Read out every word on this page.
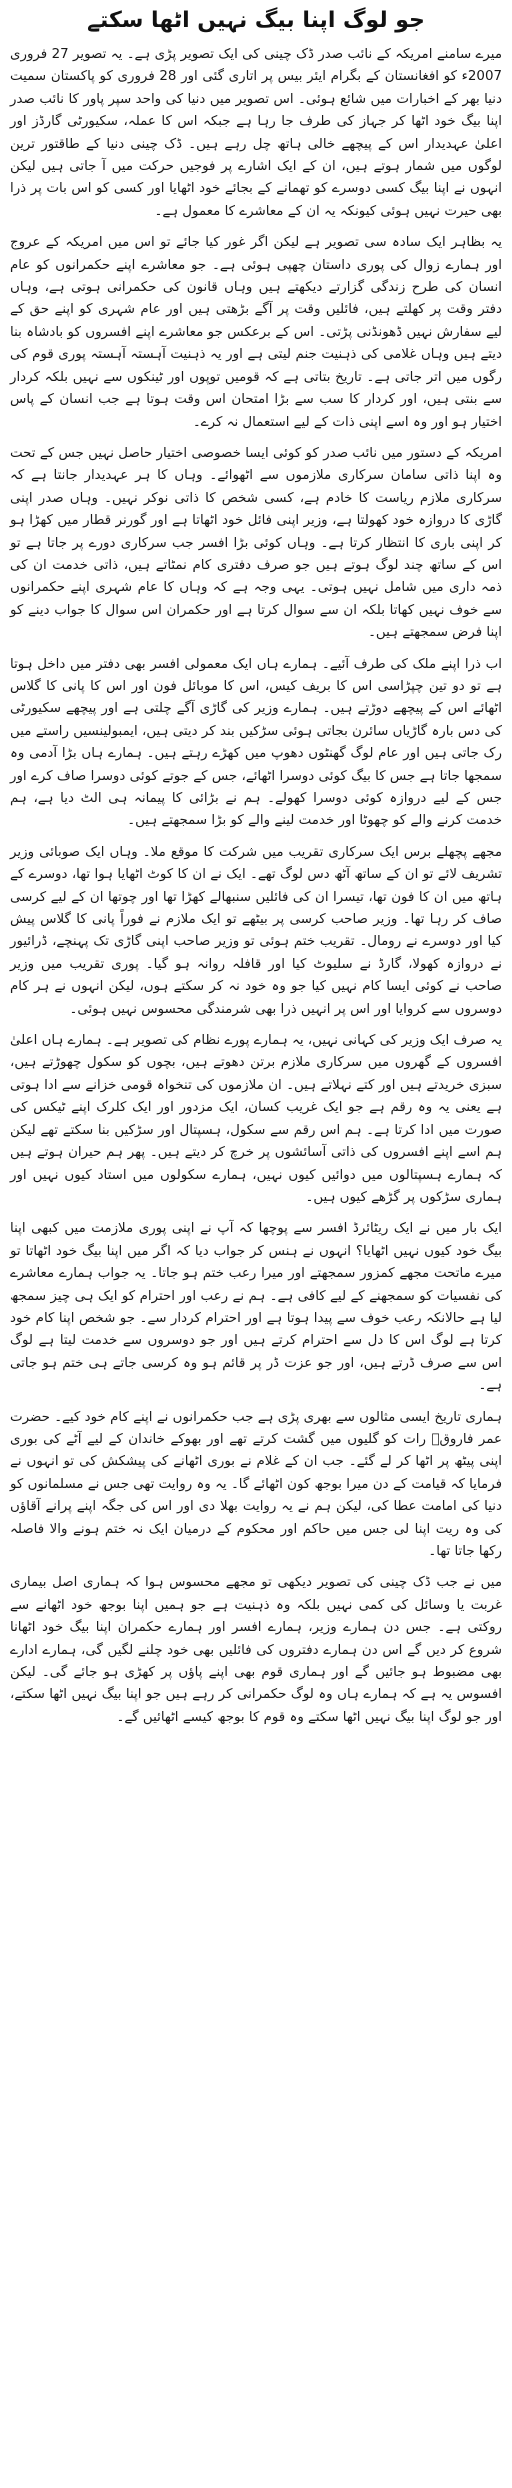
جو لوگ اپنا بیگ نہیں اٹھا سکتے

میرے سامنے امریکہ کے نائب صدر ڈک چینی کی ایک تصویر پڑی ہے۔ یہ تصویر 27 فروری 2007ء کو افغانستان کے بگرام ایئر بیس پر اتاری گئی اور 28 فروری کو پاکستان سمیت دنیا بھر کے اخبارات میں شائع ہوئی۔ اس تصویر میں دنیا کی واحد سپر پاور کا نائب صدر اپنا بیگ خود اٹھا کر جہاز کی طرف جا رہا ہے جبکہ اس کا عملہ، سکیورٹی گارڈز اور اعلیٰ عہدیدار اس کے پیچھے خالی ہاتھ چل رہے ہیں۔ ڈک چینی دنیا کے طاقتور ترین لوگوں میں شمار ہوتے ہیں، ان کے ایک اشارے پر فوجیں حرکت میں آ جاتی ہیں لیکن انہوں نے اپنا بیگ کسی دوسرے کو تھمانے کے بجائے خود اٹھایا اور کسی کو اس بات پر ذرا بھی حیرت نہیں ہوئی کیونکہ یہ ان کے معاشرے کا معمول ہے۔

یہ بظاہر ایک سادہ سی تصویر ہے لیکن اگر غور کیا جائے تو اس میں امریکہ کے عروج اور ہمارے زوال کی پوری داستان چھپی ہوئی ہے۔ جو معاشرے اپنے حکمرانوں کو عام انسان کی طرح زندگی گزارتے دیکھتے ہیں وہاں قانون کی حکمرانی ہوتی ہے، وہاں دفتر وقت پر کھلتے ہیں، فائلیں وقت پر آگے بڑھتی ہیں اور عام شہری کو اپنے حق کے لیے سفارش نہیں ڈھونڈنی پڑتی۔ اس کے برعکس جو معاشرے اپنے افسروں کو بادشاہ بنا دیتے ہیں وہاں غلامی کی ذہنیت جنم لیتی ہے اور یہ ذہنیت آہستہ آہستہ پوری قوم کی رگوں میں اتر جاتی ہے۔ تاریخ بتاتی ہے کہ قومیں توپوں اور ٹینکوں سے نہیں بلکہ کردار سے بنتی ہیں، اور کردار کا سب سے بڑا امتحان اس وقت ہوتا ہے جب انسان کے پاس اختیار ہو اور وہ اسے اپنی ذات کے لیے استعمال نہ کرے۔

امریکہ کے دستور میں نائب صدر کو کوئی ایسا خصوصی اختیار حاصل نہیں جس کے تحت وہ اپنا ذاتی سامان سرکاری ملازموں سے اٹھوائے۔ وہاں کا ہر عہدیدار جانتا ہے کہ سرکاری ملازم ریاست کا خادم ہے، کسی شخص کا ذاتی نوکر نہیں۔ وہاں صدر اپنی گاڑی کا دروازہ خود کھولتا ہے، وزیر اپنی فائل خود اٹھاتا ہے اور گورنر قطار میں کھڑا ہو کر اپنی باری کا انتظار کرتا ہے۔ وہاں کوئی بڑا افسر جب سرکاری دورے پر جاتا ہے تو اس کے ساتھ چند لوگ ہوتے ہیں جو صرف دفتری کام نمٹاتے ہیں، ذاتی خدمت ان کی ذمہ داری میں شامل نہیں ہوتی۔ یہی وجہ ہے کہ وہاں کا عام شہری اپنے حکمرانوں سے خوف نہیں کھاتا بلکہ ان سے سوال کرتا ہے اور حکمران اس سوال کا جواب دینے کو اپنا فرض سمجھتے ہیں۔

اب ذرا اپنے ملک کی طرف آئیے۔ ہمارے ہاں ایک معمولی افسر بھی دفتر میں داخل ہوتا ہے تو دو تین چپڑاسی اس کا بریف کیس، اس کا موبائل فون اور اس کا پانی کا گلاس اٹھائے اس کے پیچھے دوڑتے ہیں۔ ہمارے وزیر کی گاڑی آگے چلتی ہے اور پیچھے سکیورٹی کی دس بارہ گاڑیاں سائرن بجاتی ہوئی سڑکیں بند کر دیتی ہیں، ایمبولینسیں راستے میں رک جاتی ہیں اور عام لوگ گھنٹوں دھوپ میں کھڑے رہتے ہیں۔ ہمارے ہاں بڑا آدمی وہ سمجھا جاتا ہے جس کا بیگ کوئی دوسرا اٹھائے، جس کے جوتے کوئی دوسرا صاف کرے اور جس کے لیے دروازہ کوئی دوسرا کھولے۔ ہم نے بڑائی کا پیمانہ ہی الٹ دیا ہے، ہم خدمت کرنے والے کو چھوٹا اور خدمت لینے والے کو بڑا سمجھتے ہیں۔

مجھے پچھلے برس ایک سرکاری تقریب میں شرکت کا موقع ملا۔ وہاں ایک صوبائی وزیر تشریف لائے تو ان کے ساتھ آٹھ دس لوگ تھے۔ ایک نے ان کا کوٹ اٹھایا ہوا تھا، دوسرے کے ہاتھ میں ان کا فون تھا، تیسرا ان کی فائلیں سنبھالے کھڑا تھا اور چوتھا ان کے لیے کرسی صاف کر رہا تھا۔ وزیر صاحب کرسی پر بیٹھے تو ایک ملازم نے فوراً پانی کا گلاس پیش کیا اور دوسرے نے رومال۔ تقریب ختم ہوئی تو وزیر صاحب اپنی گاڑی تک پہنچے، ڈرائیور نے دروازہ کھولا، گارڈ نے سلیوٹ کیا اور قافلہ روانہ ہو گیا۔ پوری تقریب میں وزیر صاحب نے کوئی ایسا کام نہیں کیا جو وہ خود نہ کر سکتے ہوں، لیکن انہوں نے ہر کام دوسروں سے کروایا اور اس پر انہیں ذرا بھی شرمندگی محسوس نہیں ہوئی۔

یہ صرف ایک وزیر کی کہانی نہیں، یہ ہمارے پورے نظام کی تصویر ہے۔ ہمارے ہاں اعلیٰ افسروں کے گھروں میں سرکاری ملازم برتن دھوتے ہیں، بچوں کو سکول چھوڑتے ہیں، سبزی خریدتے ہیں اور کتے نہلاتے ہیں۔ ان ملازموں کی تنخواہ قومی خزانے سے ادا ہوتی ہے یعنی یہ وہ رقم ہے جو ایک غریب کسان، ایک مزدور اور ایک کلرک اپنے ٹیکس کی صورت میں ادا کرتا ہے۔ ہم اس رقم سے سکول، ہسپتال اور سڑکیں بنا سکتے تھے لیکن ہم اسے اپنے افسروں کی ذاتی آسائشوں پر خرچ کر دیتے ہیں۔ پھر ہم حیران ہوتے ہیں کہ ہمارے ہسپتالوں میں دوائیں کیوں نہیں، ہمارے سکولوں میں استاد کیوں نہیں اور ہماری سڑکوں پر گڑھے کیوں ہیں۔

ایک بار میں نے ایک ریٹائرڈ افسر سے پوچھا کہ آپ نے اپنی پوری ملازمت میں کبھی اپنا بیگ خود کیوں نہیں اٹھایا؟ انہوں نے ہنس کر جواب دیا کہ اگر میں اپنا بیگ خود اٹھاتا تو میرے ماتحت مجھے کمزور سمجھتے اور میرا رعب ختم ہو جاتا۔ یہ جواب ہمارے معاشرے کی نفسیات کو سمجھنے کے لیے کافی ہے۔ ہم نے رعب اور احترام کو ایک ہی چیز سمجھ لیا ہے حالانکہ رعب خوف سے پیدا ہوتا ہے اور احترام کردار سے۔ جو شخص اپنا کام خود کرتا ہے لوگ اس کا دل سے احترام کرتے ہیں اور جو دوسروں سے خدمت لیتا ہے لوگ اس سے صرف ڈرتے ہیں، اور جو عزت ڈر پر قائم ہو وہ کرسی جاتے ہی ختم ہو جاتی ہے۔

ہماری تاریخ ایسی مثالوں سے بھری پڑی ہے جب حکمرانوں نے اپنے کام خود کیے۔ حضرت عمر فاروقؓ رات کو گلیوں میں گشت کرتے تھے اور بھوکے خاندان کے لیے آٹے کی بوری اپنی پیٹھ پر اٹھا کر لے گئے۔ جب ان کے غلام نے بوری اٹھانے کی پیشکش کی تو انہوں نے فرمایا کہ قیامت کے دن میرا بوجھ کون اٹھائے گا۔ یہ وہ روایت تھی جس نے مسلمانوں کو دنیا کی امامت عطا کی، لیکن ہم نے یہ روایت بھلا دی اور اس کی جگہ اپنے پرانے آقاؤں کی وہ ریت اپنا لی جس میں حاکم اور محکوم کے درمیان ایک نہ ختم ہونے والا فاصلہ رکھا جاتا تھا۔

میں نے جب ڈک چینی کی تصویر دیکھی تو مجھے محسوس ہوا کہ ہماری اصل بیماری غربت یا وسائل کی کمی نہیں بلکہ وہ ذہنیت ہے جو ہمیں اپنا بوجھ خود اٹھانے سے روکتی ہے۔ جس دن ہمارے وزیر، ہمارے افسر اور ہمارے حکمران اپنا بیگ خود اٹھانا شروع کر دیں گے اس دن ہمارے دفتروں کی فائلیں بھی خود چلنے لگیں گی، ہمارے ادارے بھی مضبوط ہو جائیں گے اور ہماری قوم بھی اپنے پاؤں پر کھڑی ہو جائے گی۔ لیکن افسوس یہ ہے کہ ہمارے ہاں وہ لوگ حکمرانی کر رہے ہیں جو اپنا بیگ نہیں اٹھا سکتے، اور جو لوگ اپنا بیگ نہیں اٹھا سکتے وہ قوم کا بوجھ کیسے اٹھائیں گے۔
